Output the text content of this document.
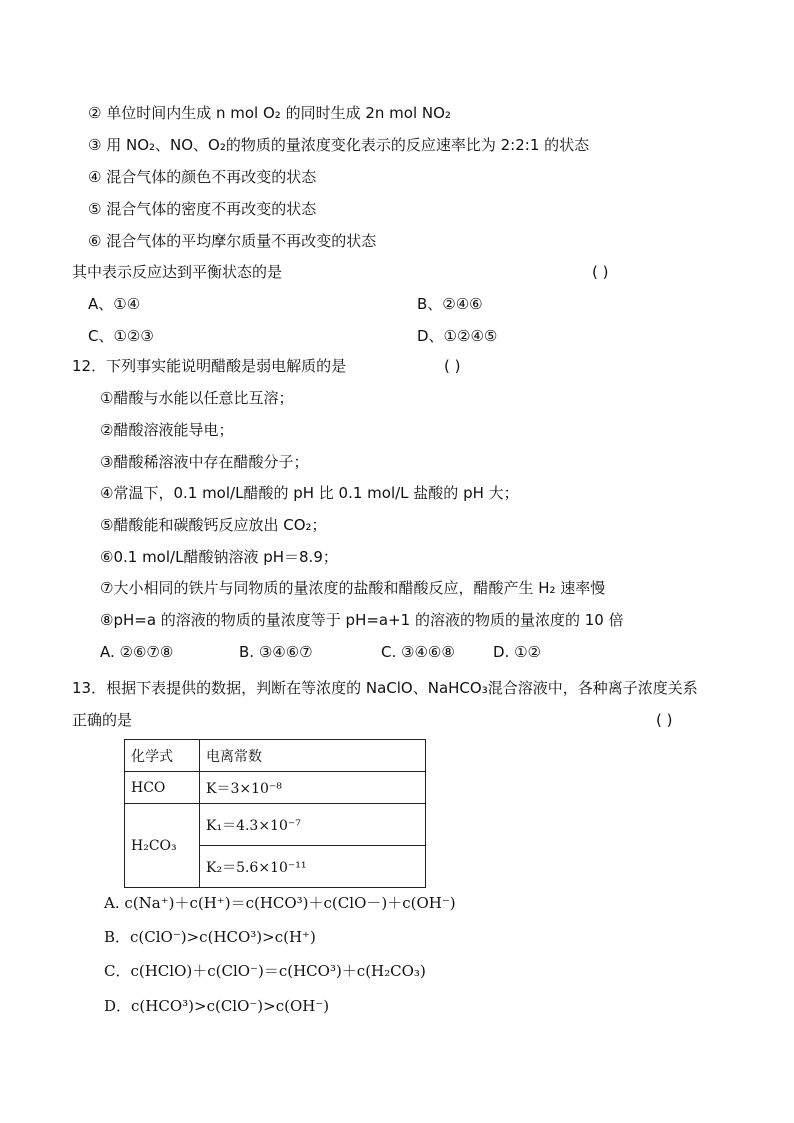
② 单位时间内生成 n mol O₂ 的同时生成 2n mol NO₂
③ 用 NO₂、NO、O₂的物质的量浓度变化表示的反应速率比为 2:2:1 的状态
④ 混合气体的颜色不再改变的状态
⑤ 混合气体的密度不再改变的状态
⑥ 混合气体的平均摩尔质量不再改变的状态
其中表示反应达到平衡状态的是	( )
A、①④	B、②④⑥
C、①②③	D、①②④⑤
12．下列事实能说明醋酸是弱电解质的是	( )
①醋酸与水能以任意比互溶；
②醋酸溶液能导电；
③醋酸稀溶液中存在醋酸分子；
④常温下，0.1 mol/L醋酸的 pH 比 0.1 mol/L 盐酸的 pH 大；
⑤醋酸能和碳酸钙反应放出 CO₂；
⑥0.1 mol/L醋酸钠溶液 pH＝8.9；
⑦大小相同的铁片与同物质的量浓度的盐酸和醋酸反应，醋酸产生 H₂ 速率慢
⑧pH=a 的溶液的物质的量浓度等于 pH=a+1 的溶液的物质的量浓度的 10 倍
A. ②⑥⑦⑧	B. ③④⑥⑦	C. ③④⑥⑧	D. ①②
13．根据下表提供的数据，判断在等浓度的 NaClO、NaHCO₃混合溶液中，各种离子浓度关系
正确的是	( )
化学式	电离常数
HCO	K＝3×10⁻⁸
H₂CO₃	K₁＝4.3×10⁻⁷
	K₂＝5.6×10⁻¹¹
A. c(Na⁺)＋c(H⁺)＝c(HCO³)＋c(ClO－)＋c(OH⁻)
B．c(ClO⁻)>c(HCO³)>c(H⁺)
C．c(HClO)＋c(ClO⁻)＝c(HCO³)＋c(H₂CO₃)
D．c(HCO³)>c(ClO⁻)>c(OH⁻)
